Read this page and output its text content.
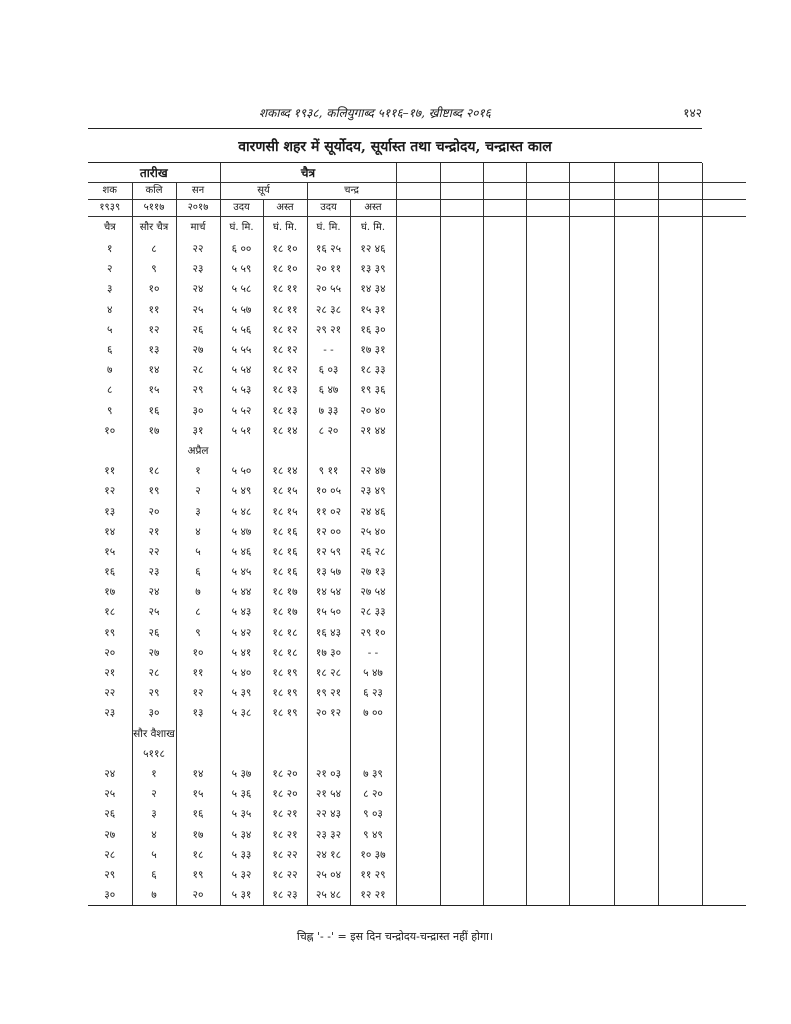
शकाब्द १९३८, कलियुगाब्द ५११६–१७, ख्रीष्टाब्द २०१६	१४२
वारणसी शहर में सूर्योदय, सूर्यास्त तथा चन्द्रोदय, चन्द्रास्त काल
तारीख			चैत्र											
शक	कलि	सन	सूर्य		चन्द्र									
१९३९	५११७	२०१७	उदय	अस्त	उदय	अस्त								
चैत्र	सौर चैत्र	मार्च	घं. मि.	घं. मि.	घं. मि.	घं. मि.								
१	८	२२	६ ००	१८ १०	१६ २५	१२ ४६								
२	९	२३	५ ५९	१८ १०	२० ११	१३ ३९								
३	१०	२४	५ ५८	१८ ११	२० ५५	१४ ३४								
४	११	२५	५ ५७	१८ ११	२८ ३८	१५ ३१								
५	१२	२६	५ ५६	१८ १२	२९ २१	१६ ३०								
६	१३	२७	५ ५५	१८ १२	- -	१७ ३१								
७	१४	२८	५ ५४	१८ १२	६ ०३	१८ ३३								
८	१५	२९	५ ५३	१८ १३	६ ४७	१९ ३६								
९	१६	३०	५ ५२	१८ १३	७ ३३	२० ४०								
१०	१७	३१	५ ५१	१८ १४	८ २०	२१ ४४								
		अप्रैल												
११	१८	१	५ ५०	१८ १४	९ ११	२२ ४७								
१२	१९	२	५ ४९	१८ १५	१० ०५	२३ ४९								
१३	२०	३	५ ४८	१८ १५	११ ०२	२४ ४६								
१४	२१	४	५ ४७	१८ १६	१२ ००	२५ ४०								
१५	२२	५	५ ४६	१८ १६	१२ ५९	२६ २८								
१६	२३	६	५ ४५	१८ १६	१३ ५७	२७ १३								
१७	२४	७	५ ४४	१८ १७	१४ ५४	२७ ५४								
१८	२५	८	५ ४३	१८ १७	१५ ५०	२८ ३३								
१९	२६	९	५ ४२	१८ १८	१६ ४३	२९ १०								
२०	२७	१०	५ ४१	१८ १८	१७ ३०	- -								
२१	२८	११	५ ४०	१८ १९	१८ २८	५ ४७								
२२	२९	१२	५ ३९	१८ १९	१९ २१	६ २३								
२३	३०	१३	५ ३८	१८ १९	२० १२	७ ००								
	सौर वैशाख													
	५११८													
२४	१	१४	५ ३७	१८ २०	२१ ०३	७ ३९								
२५	२	१५	५ ३६	१८ २०	२१ ५४	८ २०								
२६	३	१६	५ ३५	१८ २१	२२ ४३	९ ०३								
२७	४	१७	५ ३४	१८ २१	२३ ३२	९ ४९								
२८	५	१८	५ ३३	१८ २२	२४ १८	१० ३७								
२९	६	१९	५ ३२	१८ २२	२५ ०४	११ २९								
३०	७	२०	५ ३१	१८ २३	२५ ४८	१२ २१								
चिह्न '- -' = इस दिन चन्द्रोदय-चन्द्रास्त नहीं होगा।
